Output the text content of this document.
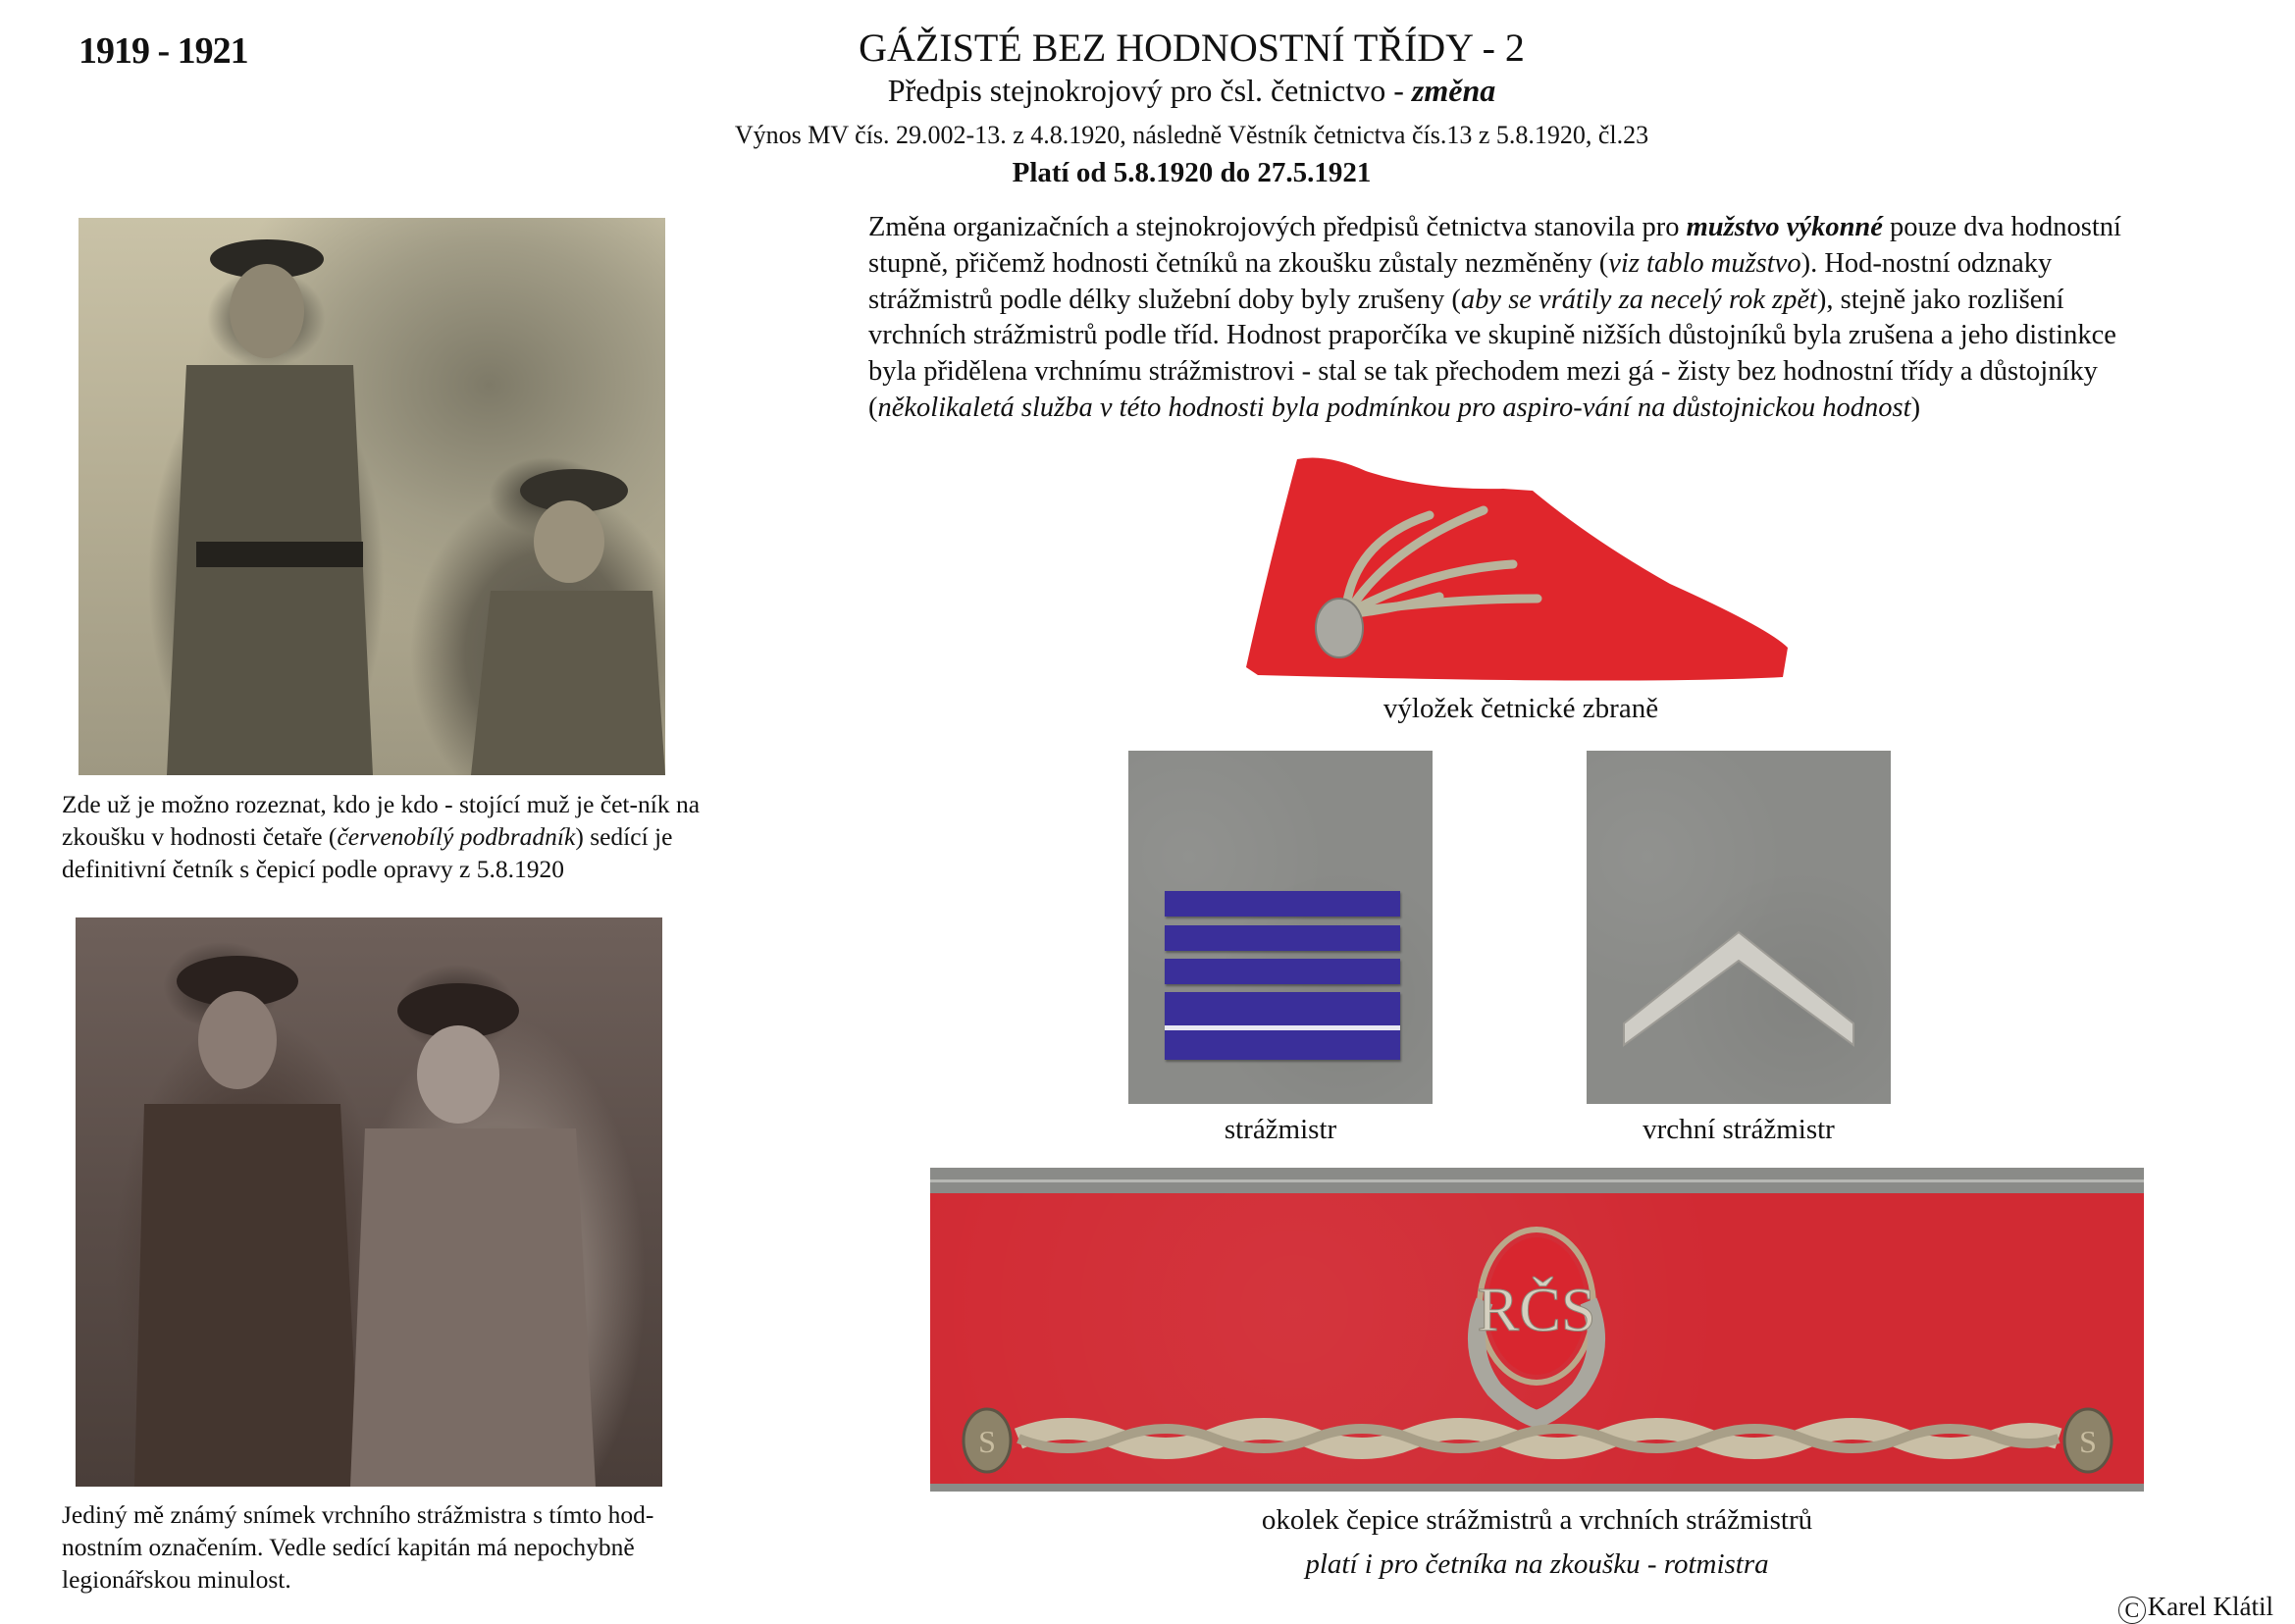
1919 - 1921	GÁŽISTÉ BEZ HODNOSTNÍ TŘÍDY - 2
Předpis stejnokrojový pro čsl. četnictvo - změna
Výnos MV čís. 29.002-13. z 4.8.1920, následně Věstník četnictva čís.13 z 5.8.1920, čl.23
Platí od 5.8.1920 do 27.5.1921
Změna organizačních a stejnokrojových předpisů četnictva stanovila pro mužstvo výkonné pouze dva hodnostní stupně, přičemž hodnosti četníků na zkoušku zůstaly nezměněny (viz tablo mužstvo). Hod-nostní odznaky strážmistrů podle délky služební doby byly zrušeny (aby se vrátily za necelý rok zpět), stejně jako rozlišení vrchních strážmistrů podle tříd. Hodnost praporčíka ve skupině nižších důstojníků byla zrušena a jeho distinkce byla přidělena vrchnímu strážmistrovi - stal se tak přechodem mezi gá - žisty bez hodnostní třídy a důstojníky (několikaletá služba v této hodnosti byla podmínkou pro aspiro-vání na důstojnickou hodnost)
Zde už je možno rozeznat, kdo je kdo - stojící muž je čet-ník na zkoušku v hodnosti četaře (červenobílý podbradník) sedící je definitivní četník s čepicí podle opravy z 5.8.1920
Jediný mě známý snímek vrchního strážmistra s tímto hod-nostním označením. Vedle sedící kapitán má nepochybně legionářskou minulost.
výložek četnické zbraně
strážmistr	vrchní strážmistr
RČS
S	S
okolek čepice strážmistrů a vrchních strážmistrů
platí i pro četníka na zkoušku - rotmistra
C Karel Klátil
